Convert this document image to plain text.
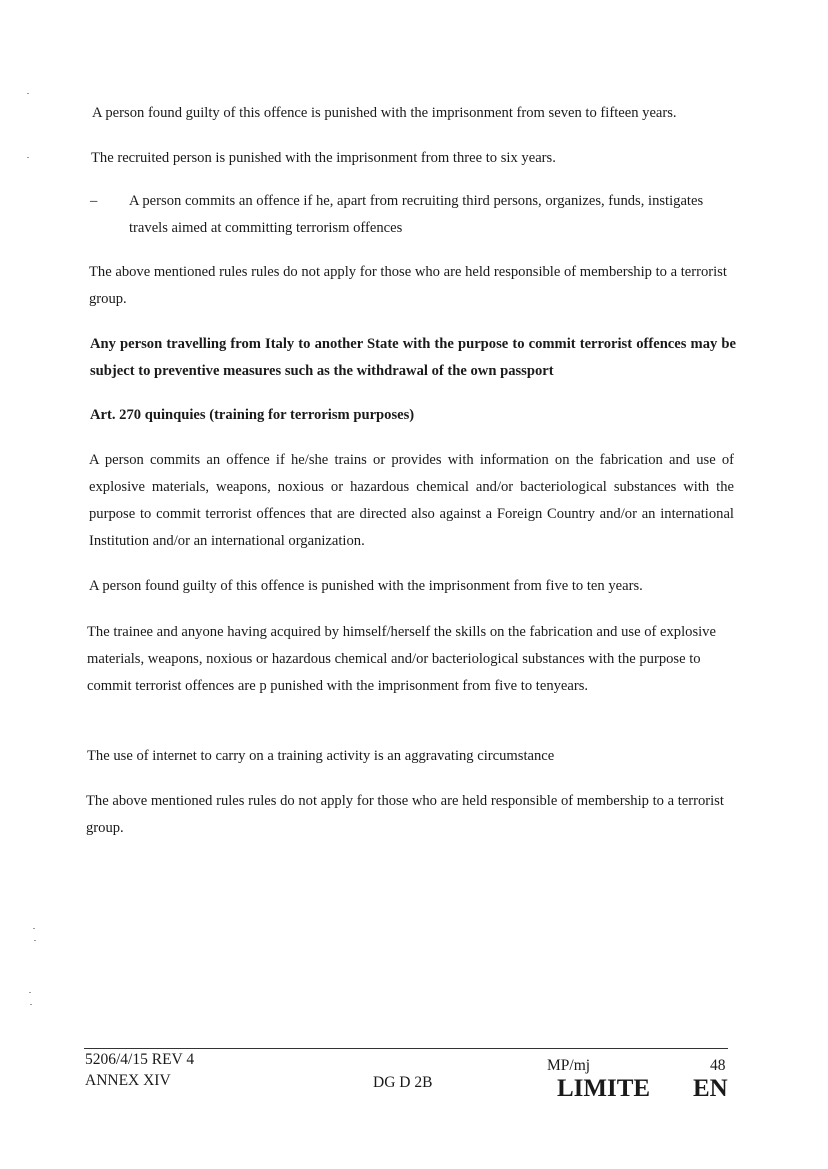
A person found guilty of this offence is punished with the imprisonment from seven to fifteen years.

The recruited person is punished with the imprisonment from three to six years.

– A person commits an offence if he, apart from recruiting third persons, organizes, funds, instigates travels aimed at committing terrorism offences

The above mentioned rules rules do not apply for those who are held responsible of membership to a terrorist group.

Any person travelling from Italy to another State with the purpose to commit terrorist offences may be subject to preventive measures such as the withdrawal of the own passport

Art. 270 quinquies (training for terrorism purposes)

A person commits an offence if he/she trains or provides with information on the fabrication and use of explosive materials, weapons, noxious or hazardous chemical and/or bacteriological substances with the purpose to commit terrorist offences that are directed also against a Foreign Country and/or an international Institution and/or an international organization.

A person found guilty of this offence is punished with the imprisonment from five to ten years.

The trainee and anyone having acquired by himself/herself the skills on the fabrication and use of explosive materials, weapons, noxious or hazardous chemical and/or bacteriological substances with the purpose to commit terrorist offences are p punished with the imprisonment from five to tenyears.

The use of internet to carry on a training activity is an aggravating circumstance

The above mentioned rules rules do not apply for those who are held responsible of membership to a terrorist group.

5206/4/15 REV 4
ANNEX XIV	DG D 2B
MP/mj	48
LIMITE EN
